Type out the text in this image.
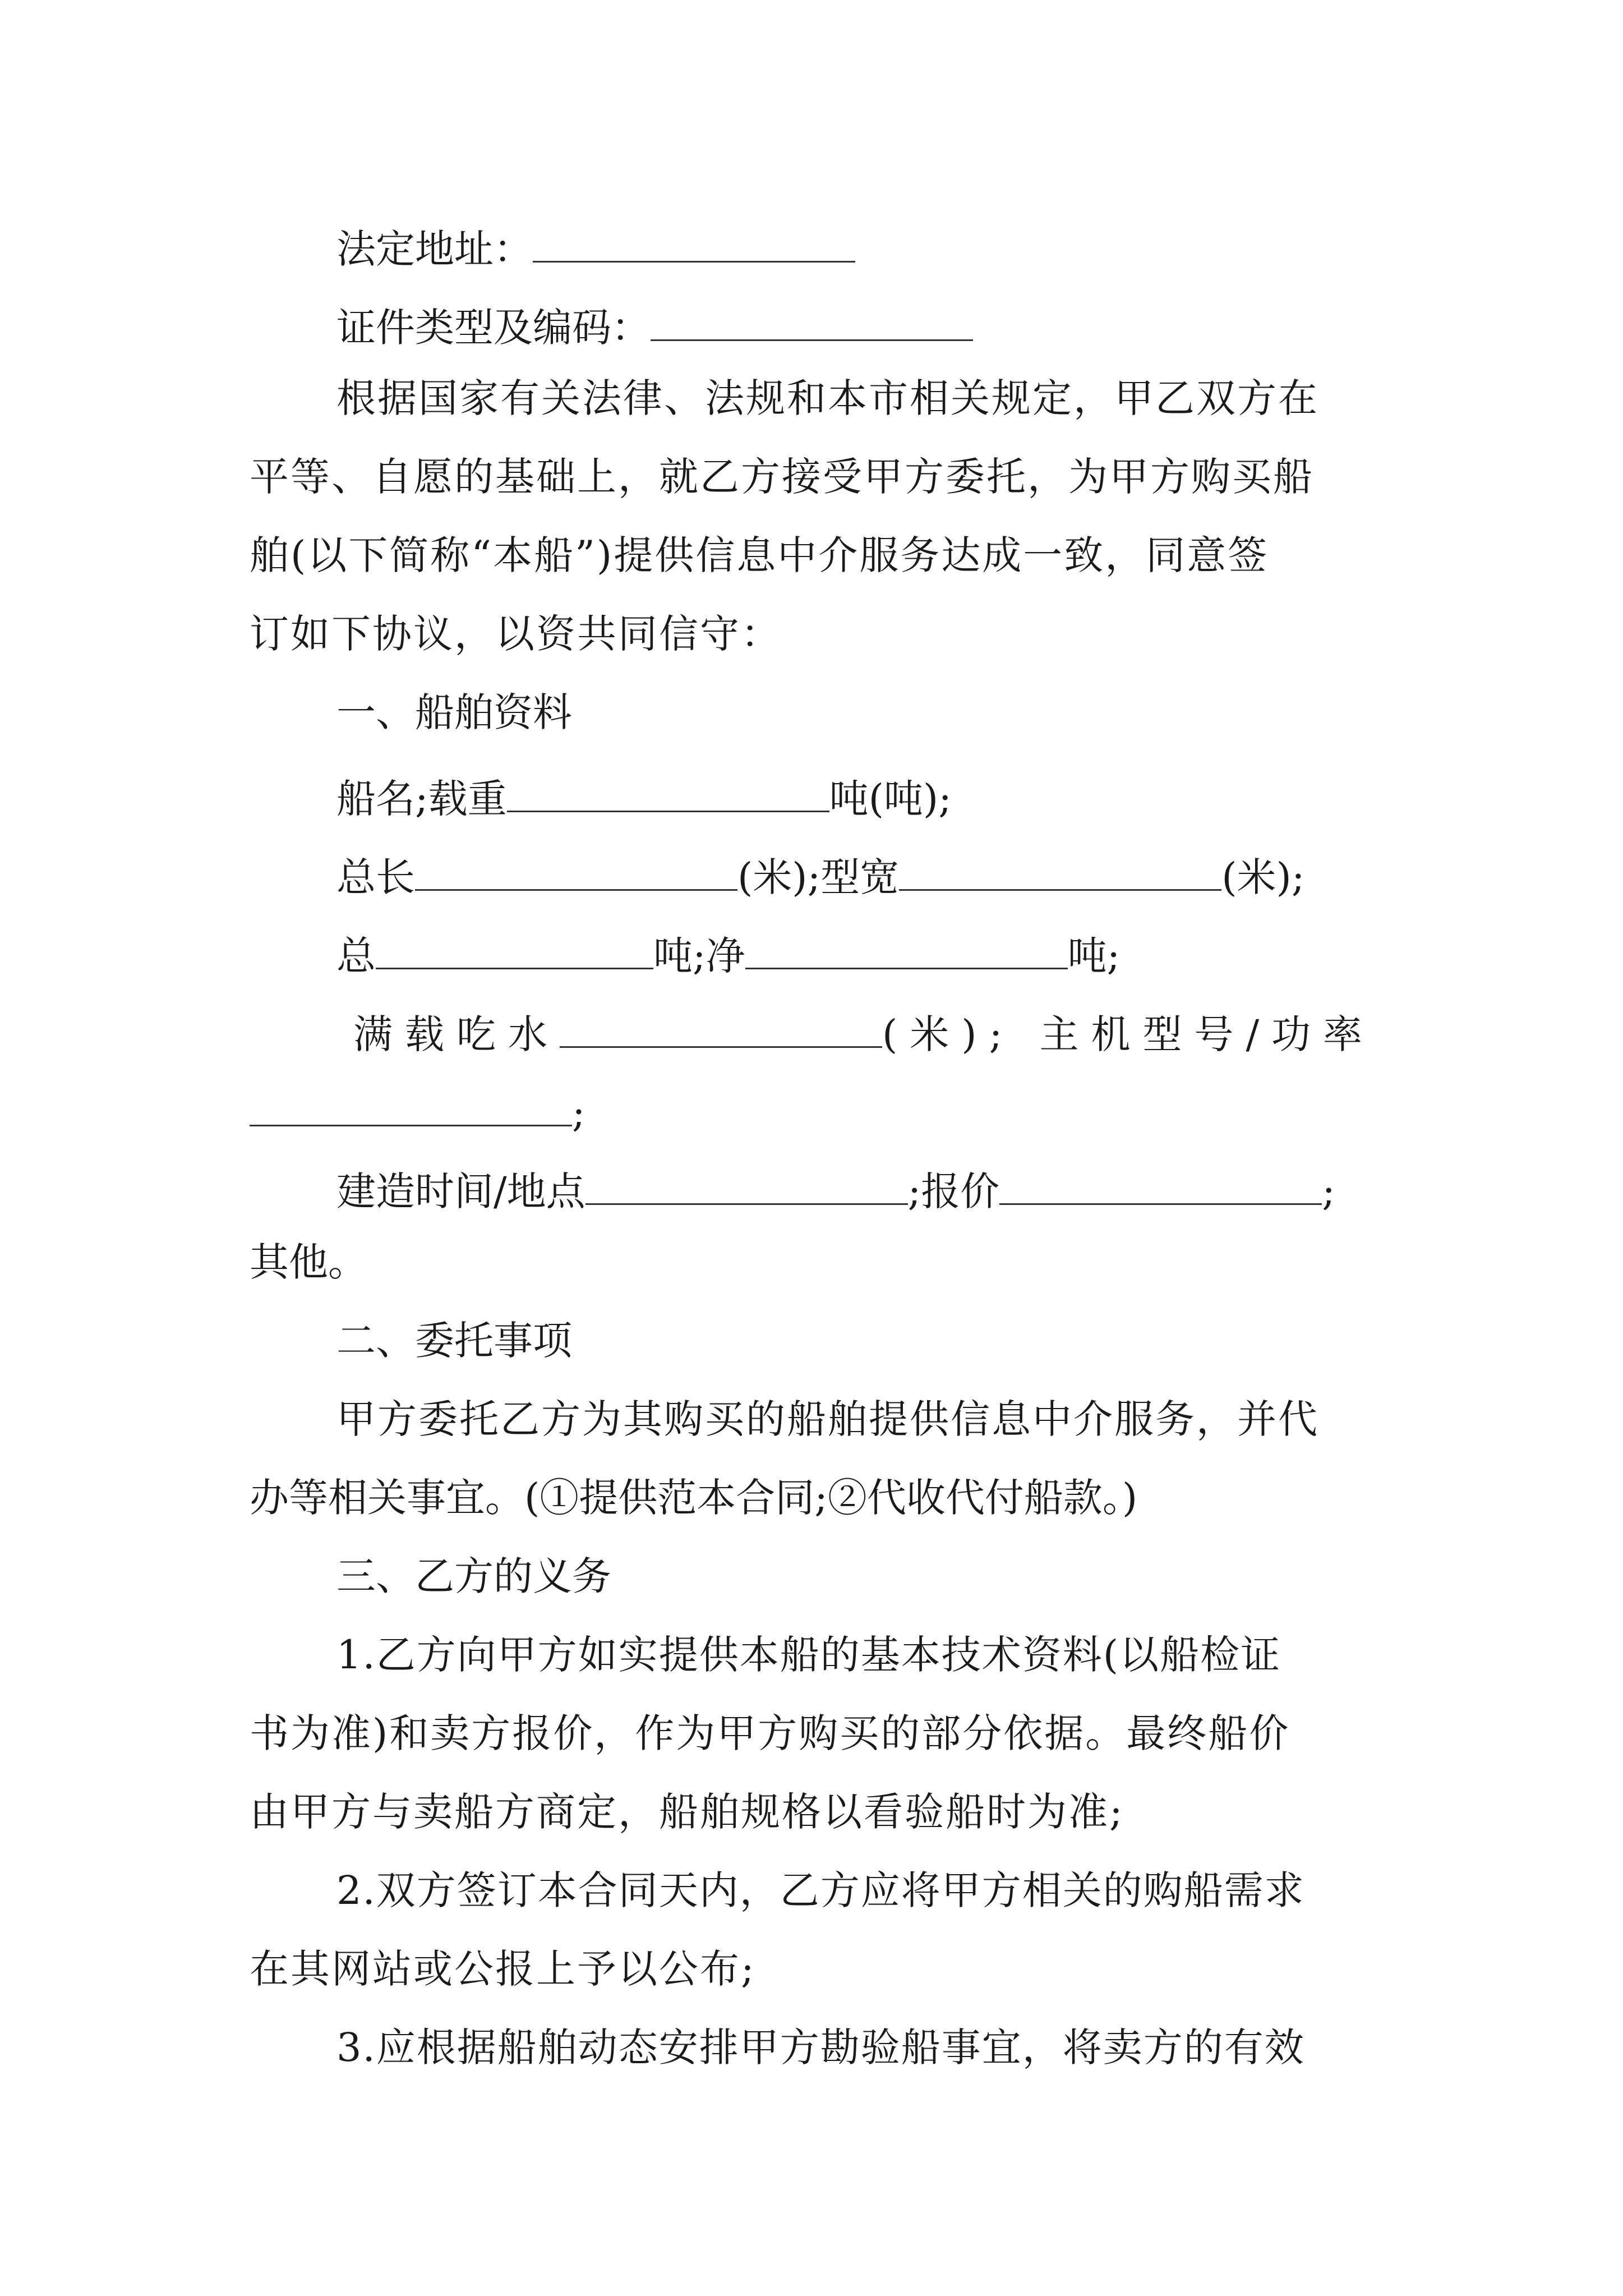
法定地址：
证件类型及编码：
根据国家有关法律、法规和本市相关规定，甲乙双方在
平等、自愿的基础上，就乙方接受甲方委托，为甲方购买船
舶(以下简称“本船”)提供信息中介服务达成一致，同意签
订如下协议，以资共同信守：
一、船舶资料
船名;载重	吨(吨);
总长	(米);型宽	(米);
总	吨;净	吨;
满载吃水	(米); 主机型号/功率
;
建造时间/地点	;报价	;
其他。
二、委托事项
甲方委托乙方为其购买的船舶提供信息中介服务，并代
办等相关事宜。(①提供范本合同;②代收代付船款。)
三、乙方的义务
1.乙方向甲方如实提供本船的基本技术资料(以船检证
书为准)和卖方报价，作为甲方购买的部分依据。最终船价
由甲方与卖船方商定，船舶规格以看验船时为准;
2.双方签订本合同天内，乙方应将甲方相关的购船需求
在其网站或公报上予以公布;
3.应根据船舶动态安排甲方勘验船事宜，将卖方的有效
